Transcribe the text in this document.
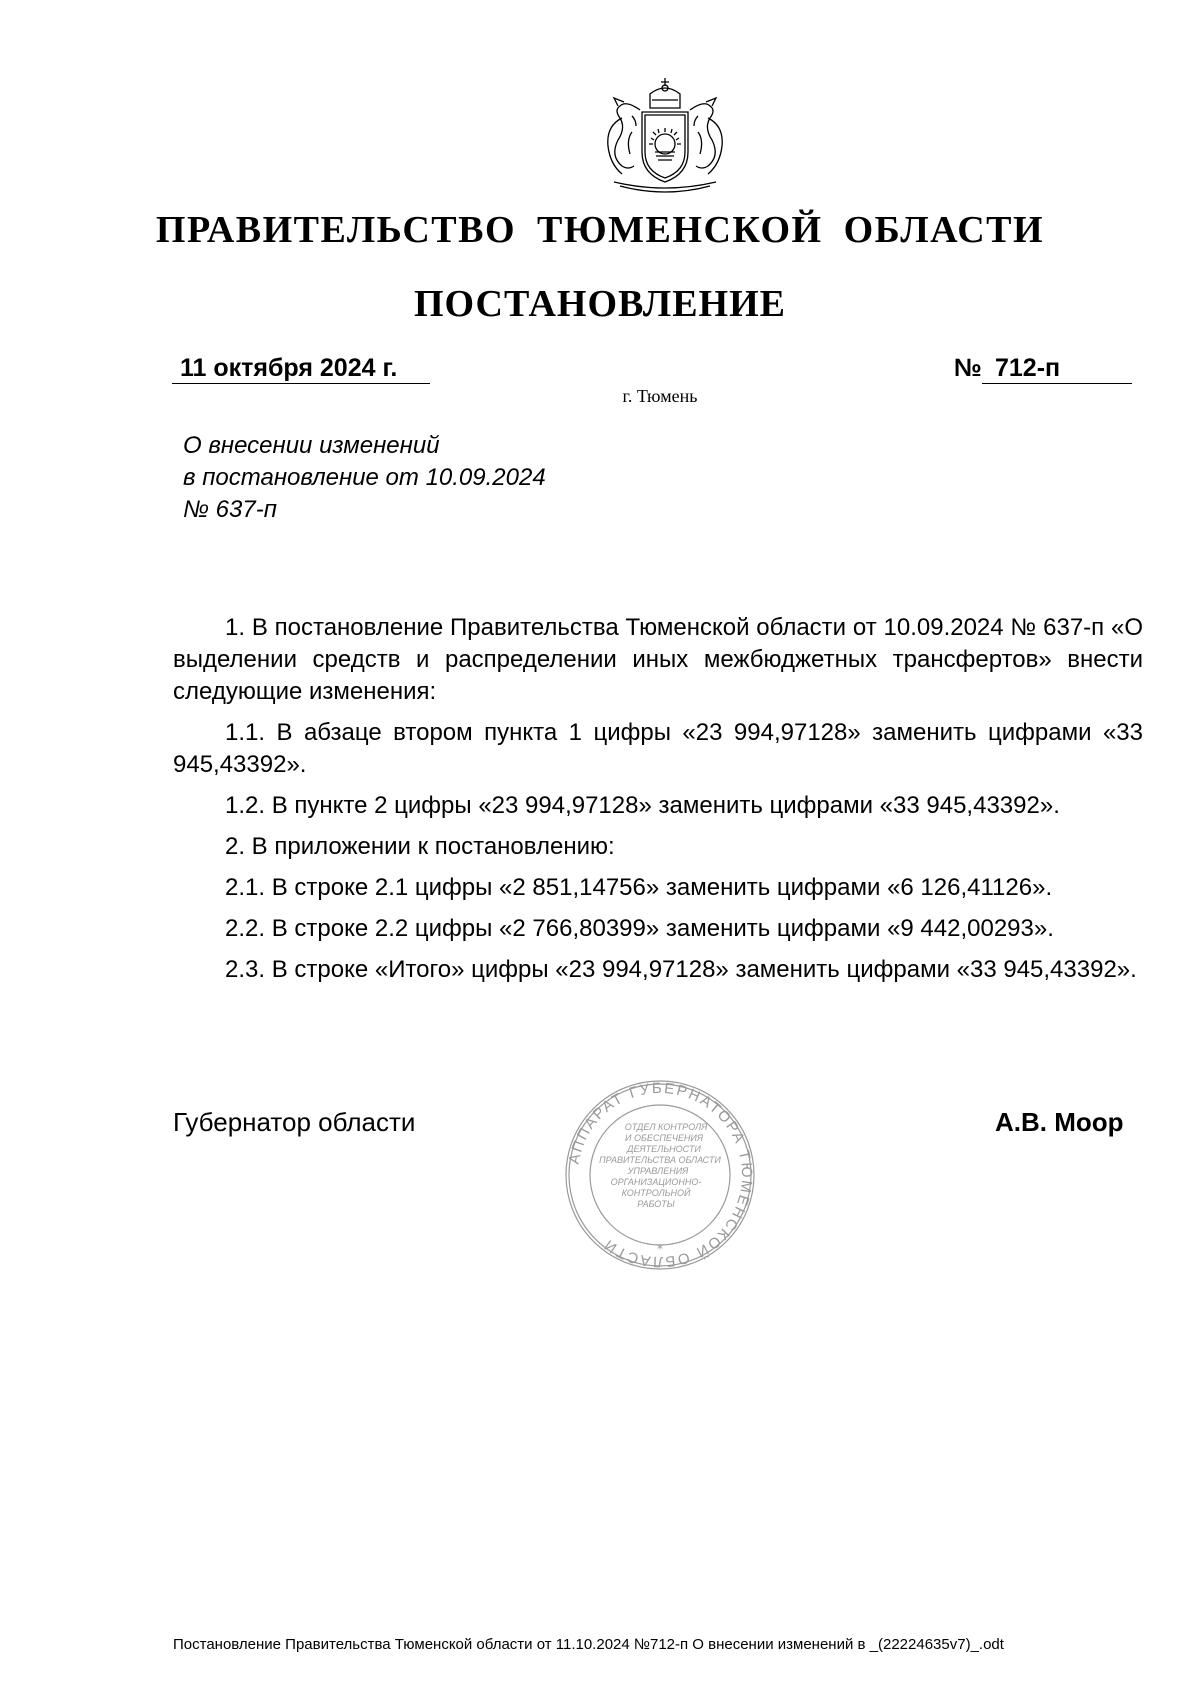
ПРАВИТЕЛЬСТВО ТЮМЕНСКОЙ ОБЛАСТИ
ПОСТАНОВЛЕНИЕ
11 октября 2024 г.	№ 712-п
г. Тюмень
О внесении изменений
в постановление от 10.09.2024
№ 637-п

1. В постановление Правительства Тюменской области от 10.09.2024 № 637-п «О выделении средств и распределении иных межбюджетных трансфертов» внести следующие изменения:

1.1. В абзаце втором пункта 1 цифры «23 994,97128» заменить цифрами «33 945,43392».

1.2. В пункте 2 цифры «23 994,97128» заменить цифрами «33 945,43392».

2. В приложении к постановлению:

2.1. В строке 2.1 цифры «2 851,14756» заменить цифрами «6 126,41126».

2.2. В строке 2.2 цифры «2 766,80399» заменить цифрами «9 442,00293».

2.3. В строке «Итого» цифры «23 994,97128» заменить цифрами «33 945,43392».

Губернатор области	А.В. Моор
АППАРАТ ГУБЕРНАТОРА ТЮМЕНСКОЙ ОБЛАСТИ	*
ОТДЕЛ КОНТРОЛЯ
И ОБЕСПЕЧЕНИЯ
ДЕЯТЕЛЬНОСТИ
ПРАВИТЕЛЬСТВА ОБЛАСТИ
УПРАВЛЕНИЯ
ОРГАНИЗАЦИОННО-
КОНТРОЛЬНОЙ
РАБОТЫ
Постановление Правительства Тюменской области от 11.10.2024 №712-п О внесении изменений в _(22224635v7)_.odt
